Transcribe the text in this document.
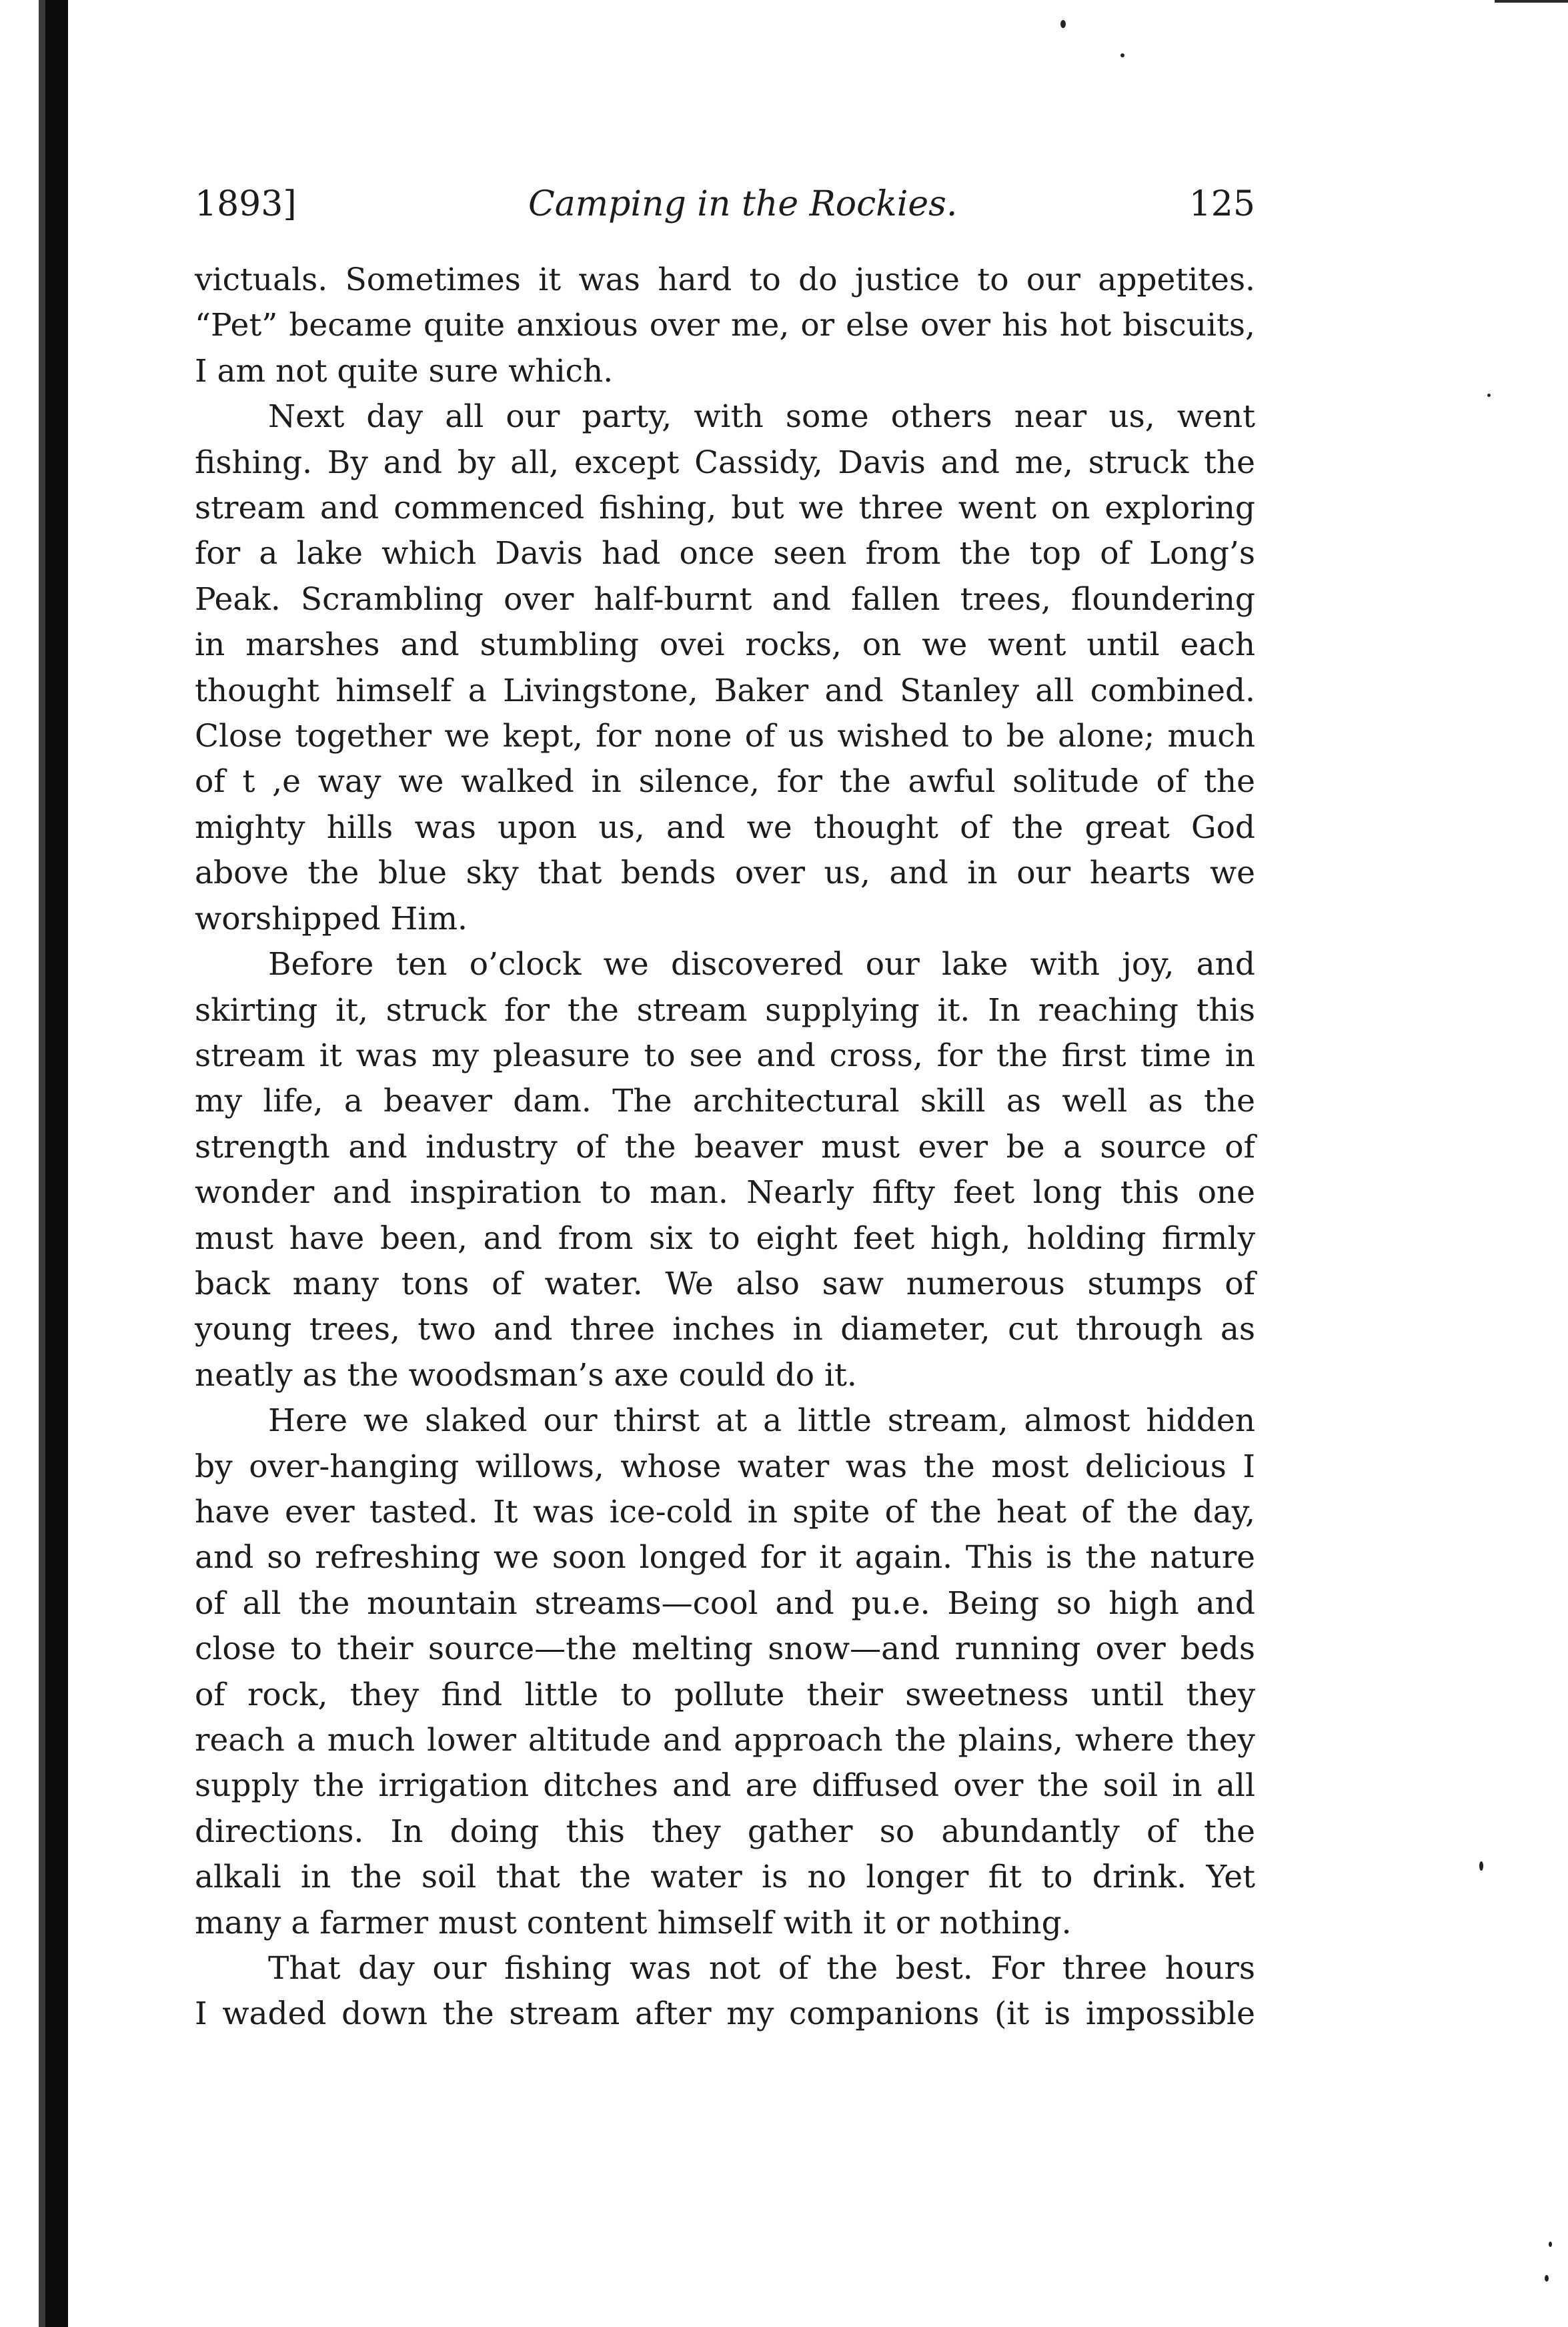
1893]	Camping in the Rockies.	125
victuals. Sometimes it was hard to do justice to our appetites.
“Pet” became quite anxious over me, or else over his hot biscuits,
I am not quite sure which.
Next day all our party, with some others near us, went
fishing. By and by all, except Cassidy, Davis and me, struck the
stream and commenced fishing, but we three went on exploring
for a lake which Davis had once seen from the top of Long’s
Peak. Scrambling over half-burnt and fallen trees, floundering
in marshes and stumbling ovei rocks, on we went until each
thought himself a Livingstone, Baker and Stanley all combined.
Close together we kept, for none of us wished to be alone; much
of t ,e way we walked in silence, for the awful solitude of the
mighty hills was upon us, and we thought of the great God
above the blue sky that bends over us, and in our hearts we
worshipped Him.
Before ten o’clock we discovered our lake with joy, and
skirting it, struck for the stream supplying it. In reaching this
stream it was my pleasure to see and cross, for the first time in
my life, a beaver dam. The architectural skill as well as the
strength and industry of the beaver must ever be a source of
wonder and inspiration to man. Nearly fifty feet long this one
must have been, and from six to eight feet high, holding firmly
back many tons of water. We also saw numerous stumps of
young trees, two and three inches in diameter, cut through as
neatly as the woodsman’s axe could do it.
Here we slaked our thirst at a little stream, almost hidden
by over-hanging willows, whose water was the most delicious I
have ever tasted. It was ice-cold in spite of the heat of the day,
and so refreshing we soon longed for it again. This is the nature
of all the mountain streams—cool and pu.e. Being so high and
close to their source—the melting snow—and running over beds
of rock, they find little to pollute their sweetness until they
reach a much lower altitude and approach the plains, where they
supply the irrigation ditches and are diffused over the soil in all
directions. In doing this they gather so abundantly of the
alkali in the soil that the water is no longer fit to drink. Yet
many a farmer must content himself with it or nothing.
That day our fishing was not of the best. For three hours
I waded down the stream after my companions (it is impossible
